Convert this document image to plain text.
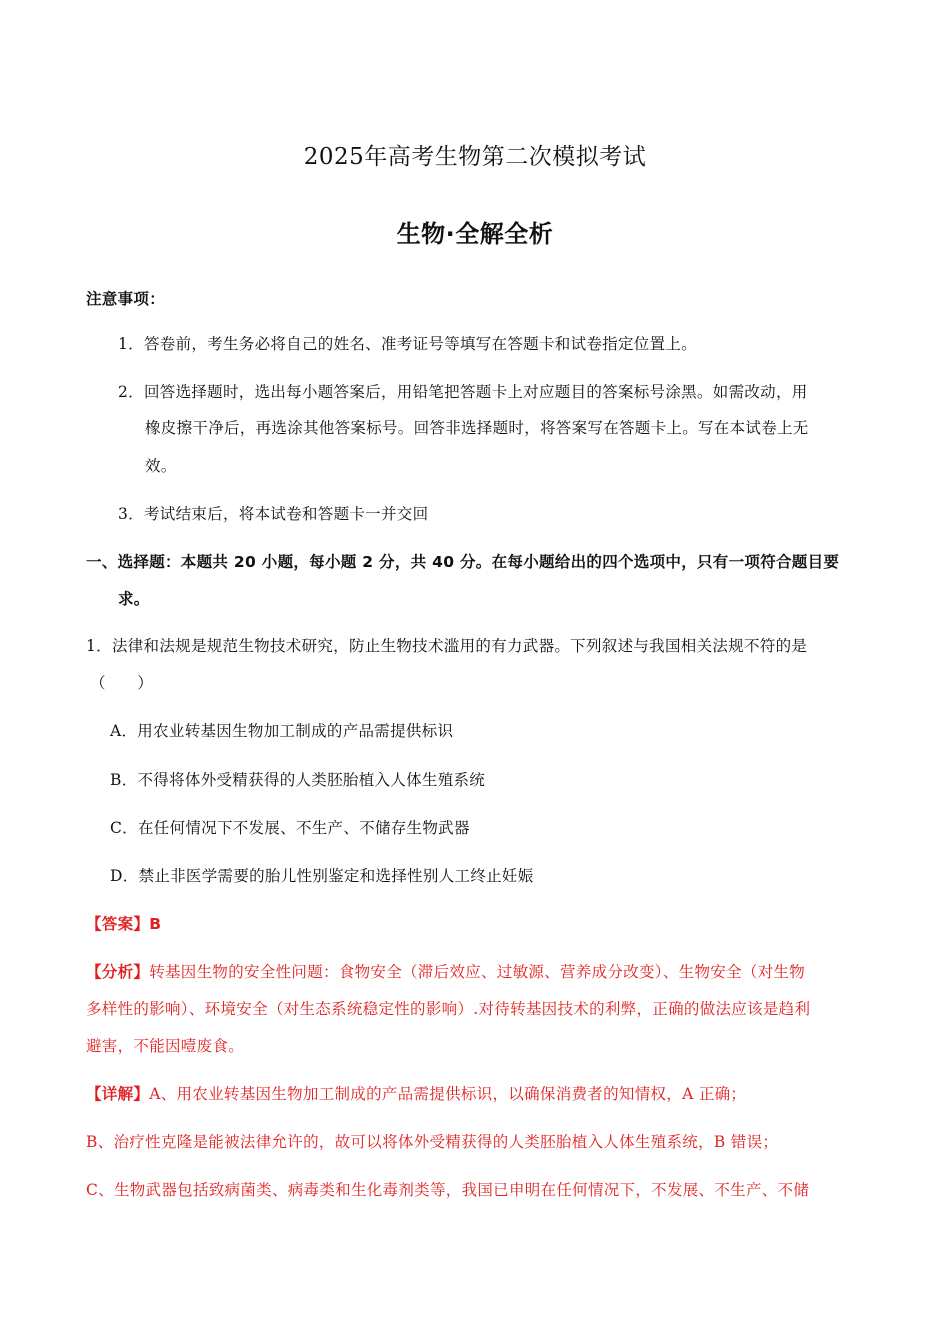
2025年高考生物第二次模拟考试
生物·全解全析
注意事项：
1．答卷前，考生务必将自己的姓名、准考证号等填写在答题卡和试卷指定位置上。
2．回答选择题时，选出每小题答案后，用铅笔把答题卡上对应题目的答案标号涂黑。如需改动，用
橡皮擦干净后，再选涂其他答案标号。回答非选择题时，将答案写在答题卡上。写在本试卷上无
效。
3．考试结束后，将本试卷和答题卡一并交回
一、选择题：本题共 20 小题，每小题 2 分，共 40 分。在每小题给出的四个选项中，只有一项符合题目要
求。
1．法律和法规是规范生物技术研究，防止生物技术滥用的有力武器。下列叙述与我国相关法规不符的是
（　　）
A．用农业转基因生物加工制成的产品需提供标识
B．不得将体外受精获得的人类胚胎植入人体生殖系统
C．在任何情况下不发展、不生产、不储存生物武器
D．禁止非医学需要的胎儿性别鉴定和选择性别人工终止妊娠
【答案】B
【分析】转基因生物的安全性问题：食物安全（滞后效应、过敏源、营养成分改变）、生物安全（对生物
多样性的影响）、环境安全（对生态系统稳定性的影响）.对待转基因技术的利弊，正确的做法应该是趋利
避害，不能因噎废食。
【详解】A、用农业转基因生物加工制成的产品需提供标识，以确保消费者的知情权，A 正确；
B、治疗性克隆是能被法律允许的，故可以将体外受精获得的人类胚胎植入人体生殖系统，B 错误；
C、生物武器包括致病菌类、病毒类和生化毒剂类等，我国已申明在任何情况下，不发展、不生产、不储
